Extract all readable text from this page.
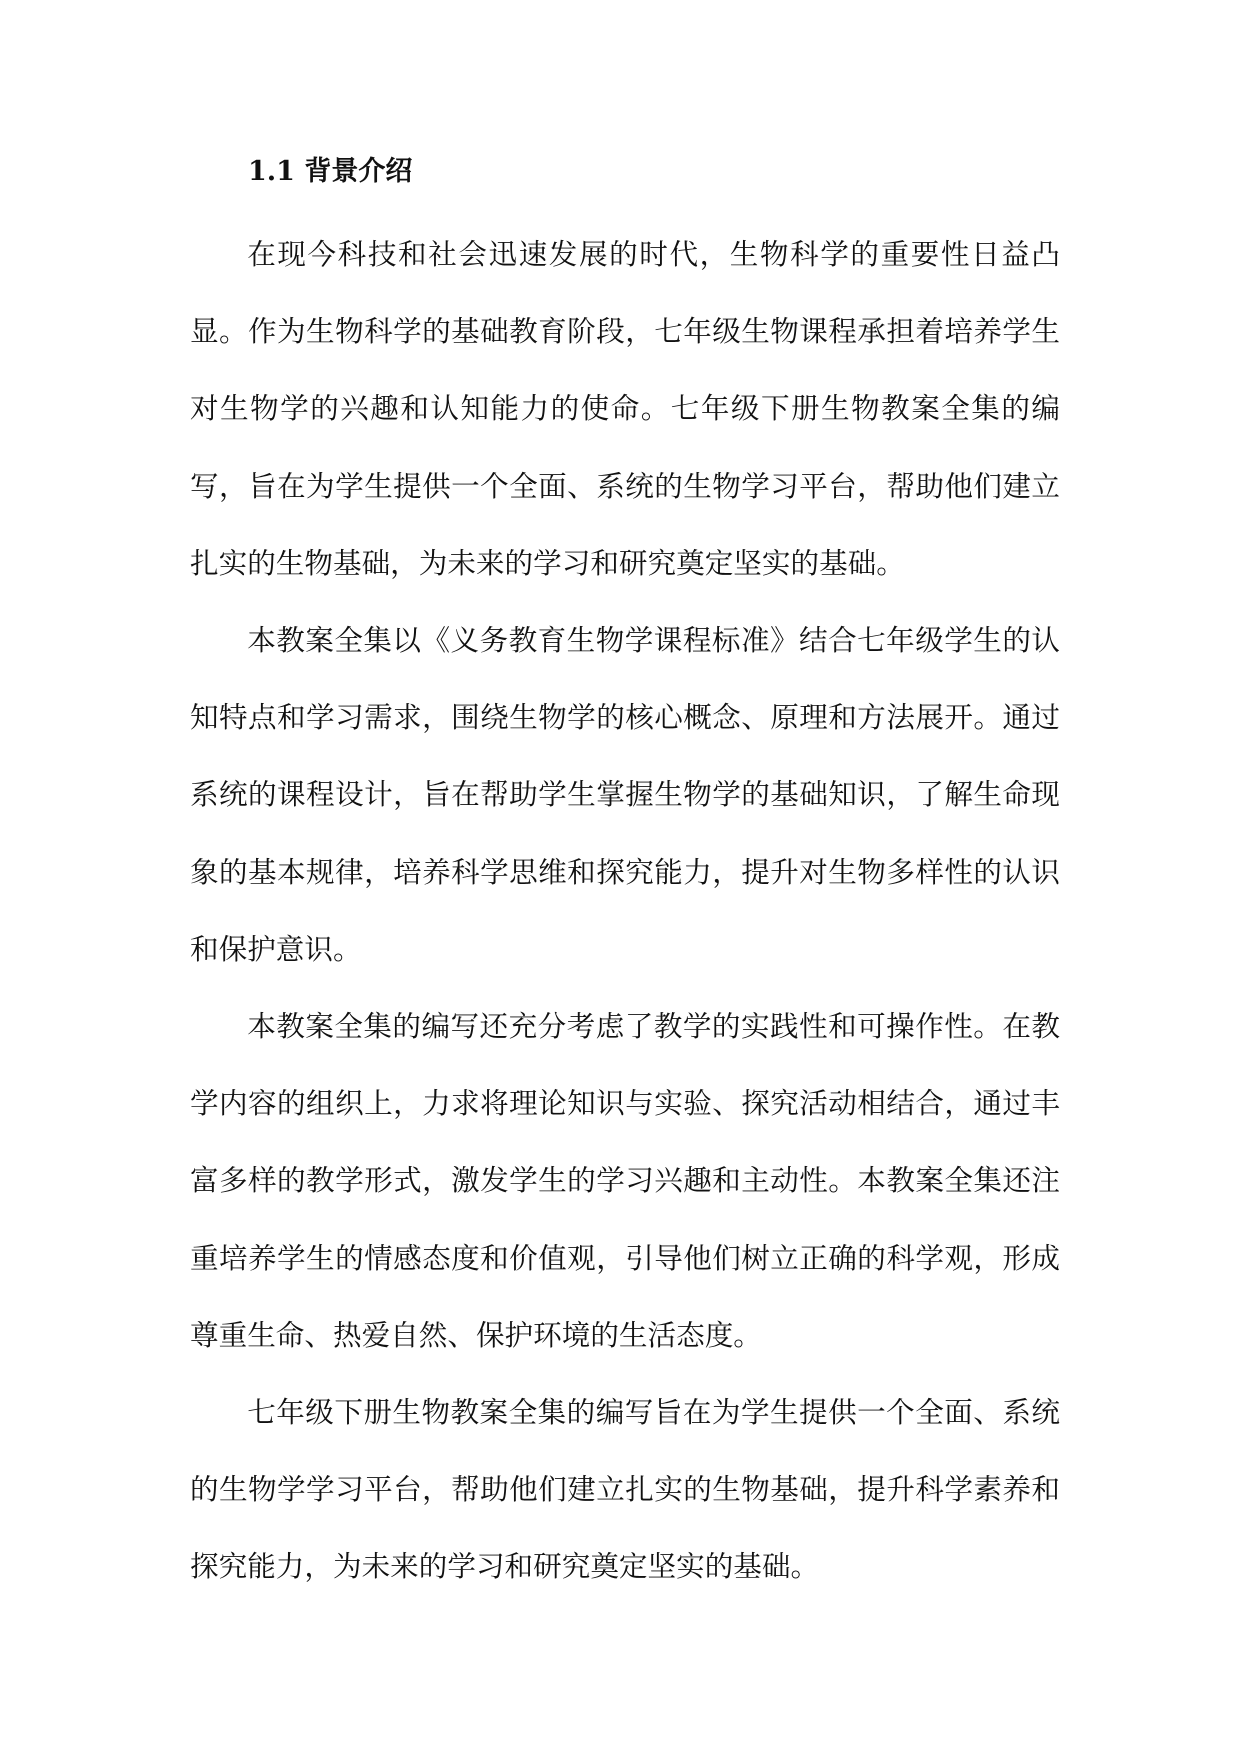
1.1 背景介绍

在现今科技和社会迅速发展的时代，生物科学的重要性日益凸显。作为生物科学的基础教育阶段，七年级生物课程承担着培养学生对生物学的兴趣和认知能力的使命。七年级下册生物教案全集的编写，旨在为学生提供一个全面、系统的生物学习平台，帮助他们建立扎实的生物基础，为未来的学习和研究奠定坚实的基础。

本教案全集以《义务教育生物学课程标准》结合七年级学生的认知特点和学习需求，围绕生物学的核心概念、原理和方法展开。通过系统的课程设计，旨在帮助学生掌握生物学的基础知识，了解生命现象的基本规律，培养科学思维和探究能力，提升对生物多样性的认识和保护意识。

本教案全集的编写还充分考虑了教学的实践性和可操作性。在教学内容的组织上，力求将理论知识与实验、探究活动相结合，通过丰富多样的教学形式，激发学生的学习兴趣和主动性。本教案全集还注重培养学生的情感态度和价值观，引导他们树立正确的科学观，形成尊重生命、热爱自然、保护环境的生活态度。

七年级下册生物教案全集的编写旨在为学生提供一个全面、系统的生物学学习平台，帮助他们建立扎实的生物基础，提升科学素养和探究能力，为未来的学习和研究奠定坚实的基础。
